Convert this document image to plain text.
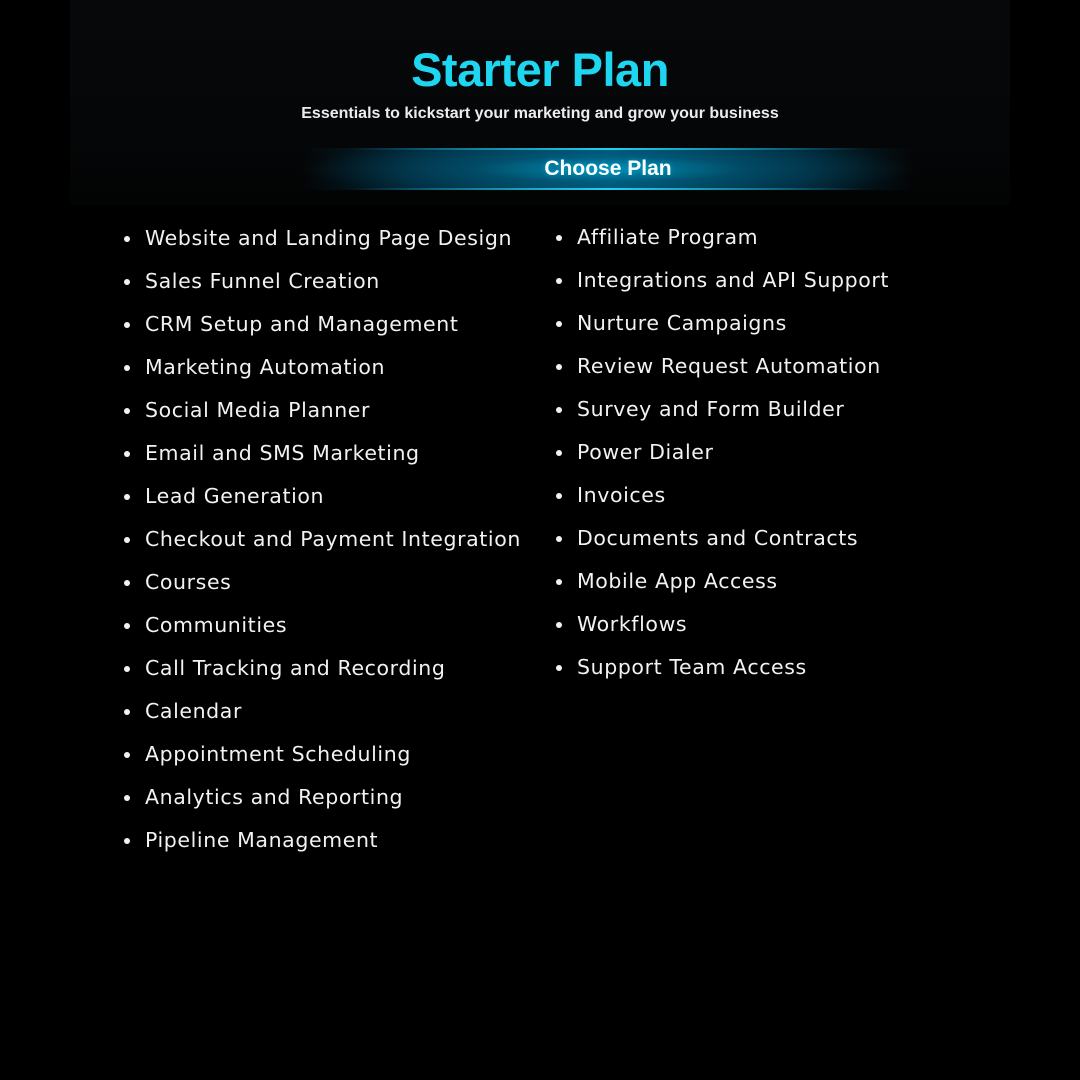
Starter Plan

Essentials to kickstart your marketing and grow your business

Choose Plan
Website and Landing Page Design
Sales Funnel Creation
CRM Setup and Management
Marketing Automation
Social Media Planner
Email and SMS Marketing
Lead Generation
Checkout and Payment Integration
Courses
Communities
Call Tracking and Recording
Calendar
Appointment Scheduling
Analytics and Reporting
Pipeline Management
Affiliate Program
Integrations and API Support
Nurture Campaigns
Review Request Automation
Survey and Form Builder
Power Dialer
Invoices
Documents and Contracts
Mobile App Access
Workflows
Support Team Access
